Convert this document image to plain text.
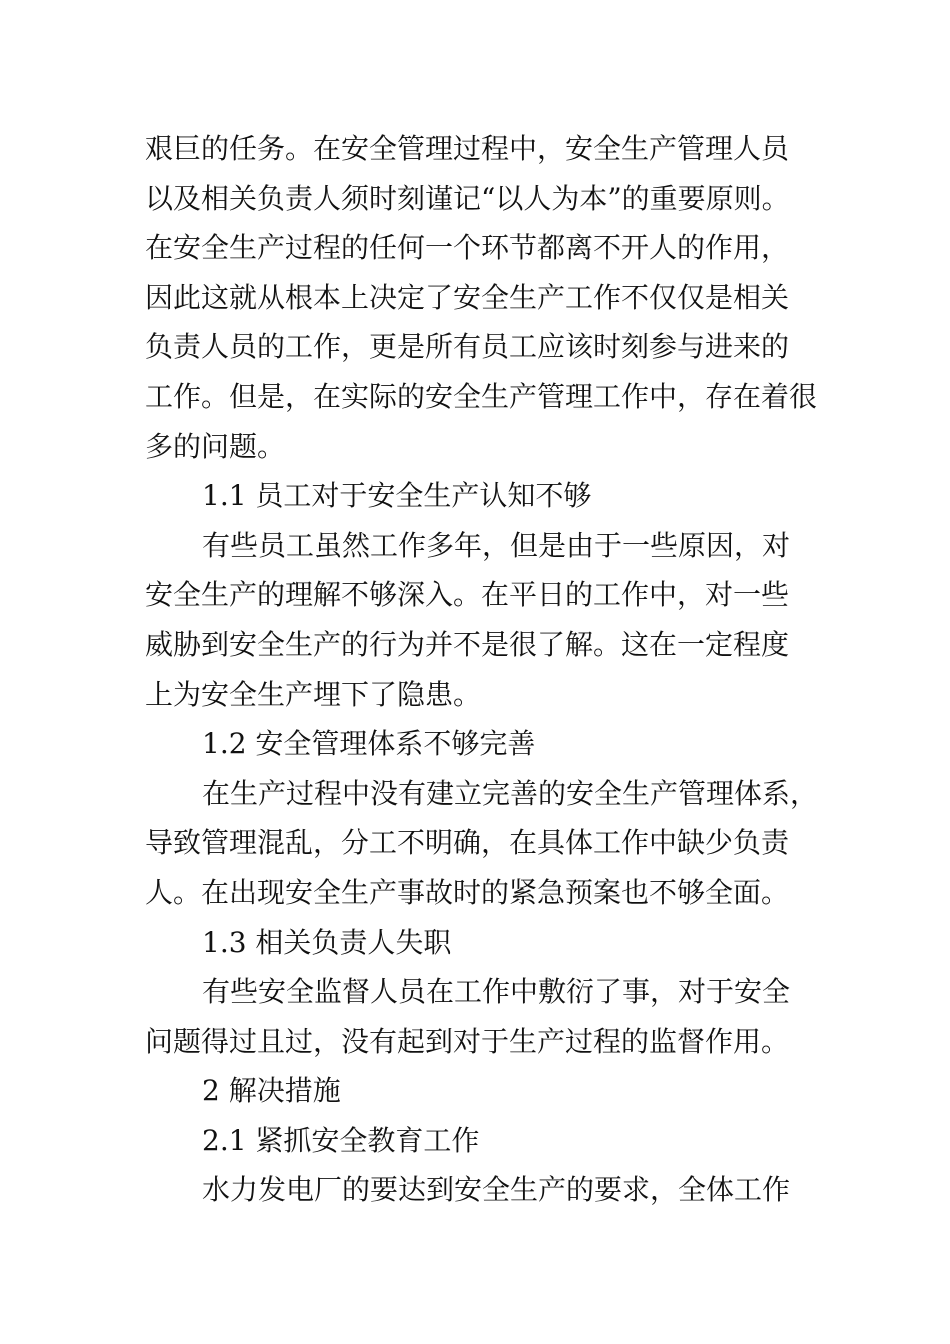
艰巨的任务。在安全管理过程中，安全生产管理人员
以及相关负责人须时刻谨记“以人为本”的重要原则。
在安全生产过程的任何一个环节都离不开人的作用，
因此这就从根本上决定了安全生产工作不仅仅是相关
负责人员的工作，更是所有员工应该时刻参与进来的
工作。但是，在实际的安全生产管理工作中，存在着很
多的问题。
1.1 员工对于安全生产认知不够
有些员工虽然工作多年，但是由于一些原因，对
安全生产的理解不够深入。在平日的工作中，对一些
威胁到安全生产的行为并不是很了解。这在一定程度
上为安全生产埋下了隐患。
1.2 安全管理体系不够完善
在生产过程中没有建立完善的安全生产管理体系，
导致管理混乱，分工不明确，在具体工作中缺少负责
人。在出现安全生产事故时的紧急预案也不够全面。
1.3 相关负责人失职
有些安全监督人员在工作中敷衍了事，对于安全
问题得过且过，没有起到对于生产过程的监督作用。
2 解决措施
2.1 紧抓安全教育工作
水力发电厂的要达到安全生产的要求，全体工作
